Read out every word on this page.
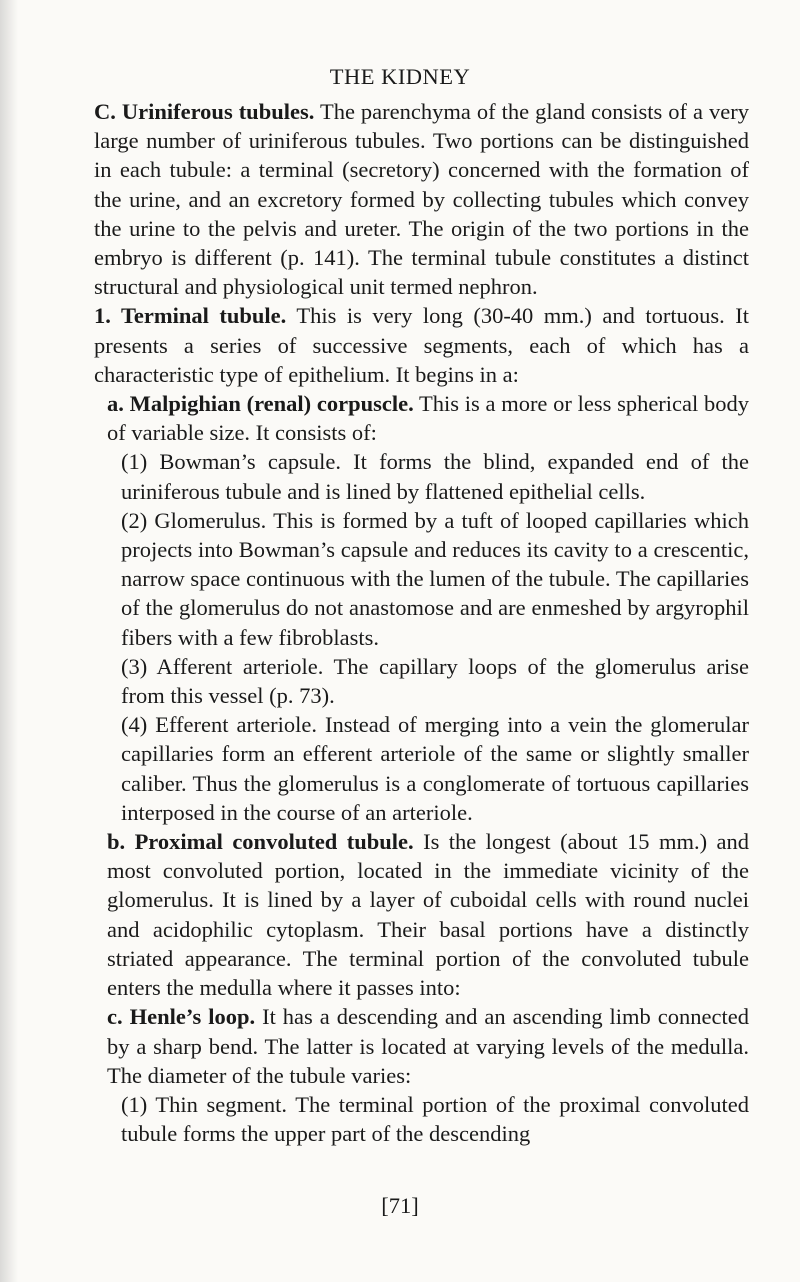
THE KIDNEY

C. Uriniferous tubules. The parenchyma of the gland consists of a very large number of uriniferous tubules. Two portions can be distinguished in each tubule: a terminal (secretory) concerned with the formation of the urine, and an excretory formed by collecting tubules which convey the urine to the pelvis and ureter. The origin of the two portions in the embryo is different (p. 141). The terminal tubule constitutes a distinct structural and physiological unit termed nephron.

1. Terminal tubule. This is very long (30-40 mm.) and tortuous. It presents a series of successive segments, each of which has a characteristic type of epithelium. It begins in a:

a. Malpighian (renal) corpuscle. This is a more or less spherical body of variable size. It consists of:

(1) Bowman’s capsule. It forms the blind, expanded end of the uriniferous tubule and is lined by flattened epithelial cells.

(2) Glomerulus. This is formed by a tuft of looped capillaries which projects into Bowman’s capsule and reduces its cavity to a crescentic, narrow space continuous with the lumen of the tubule. The capillaries of the glomerulus do not anastomose and are enmeshed by argyrophil fibers with a few fibroblasts.

(3) Afferent arteriole. The capillary loops of the glomerulus arise from this vessel (p. 73).

(4) Efferent arteriole. Instead of merging into a vein the glomerular capillaries form an efferent arteriole of the same or slightly smaller caliber. Thus the glomerulus is a conglomerate of tortuous capillaries interposed in the course of an arteriole.

b. Proximal convoluted tubule. Is the longest (about 15 mm.) and most convoluted portion, located in the immediate vicinity of the glomerulus. It is lined by a layer of cuboidal cells with round nuclei and acidophilic cytoplasm. Their basal portions have a distinctly striated appearance. The terminal portion of the convoluted tubule enters the medulla where it passes into:

c. Henle’s loop. It has a descending and an ascending limb connected by a sharp bend. The latter is located at varying levels of the medulla. The diameter of the tubule varies:

(1) Thin segment. The terminal portion of the proximal convoluted tubule forms the upper part of the descending

[71]
